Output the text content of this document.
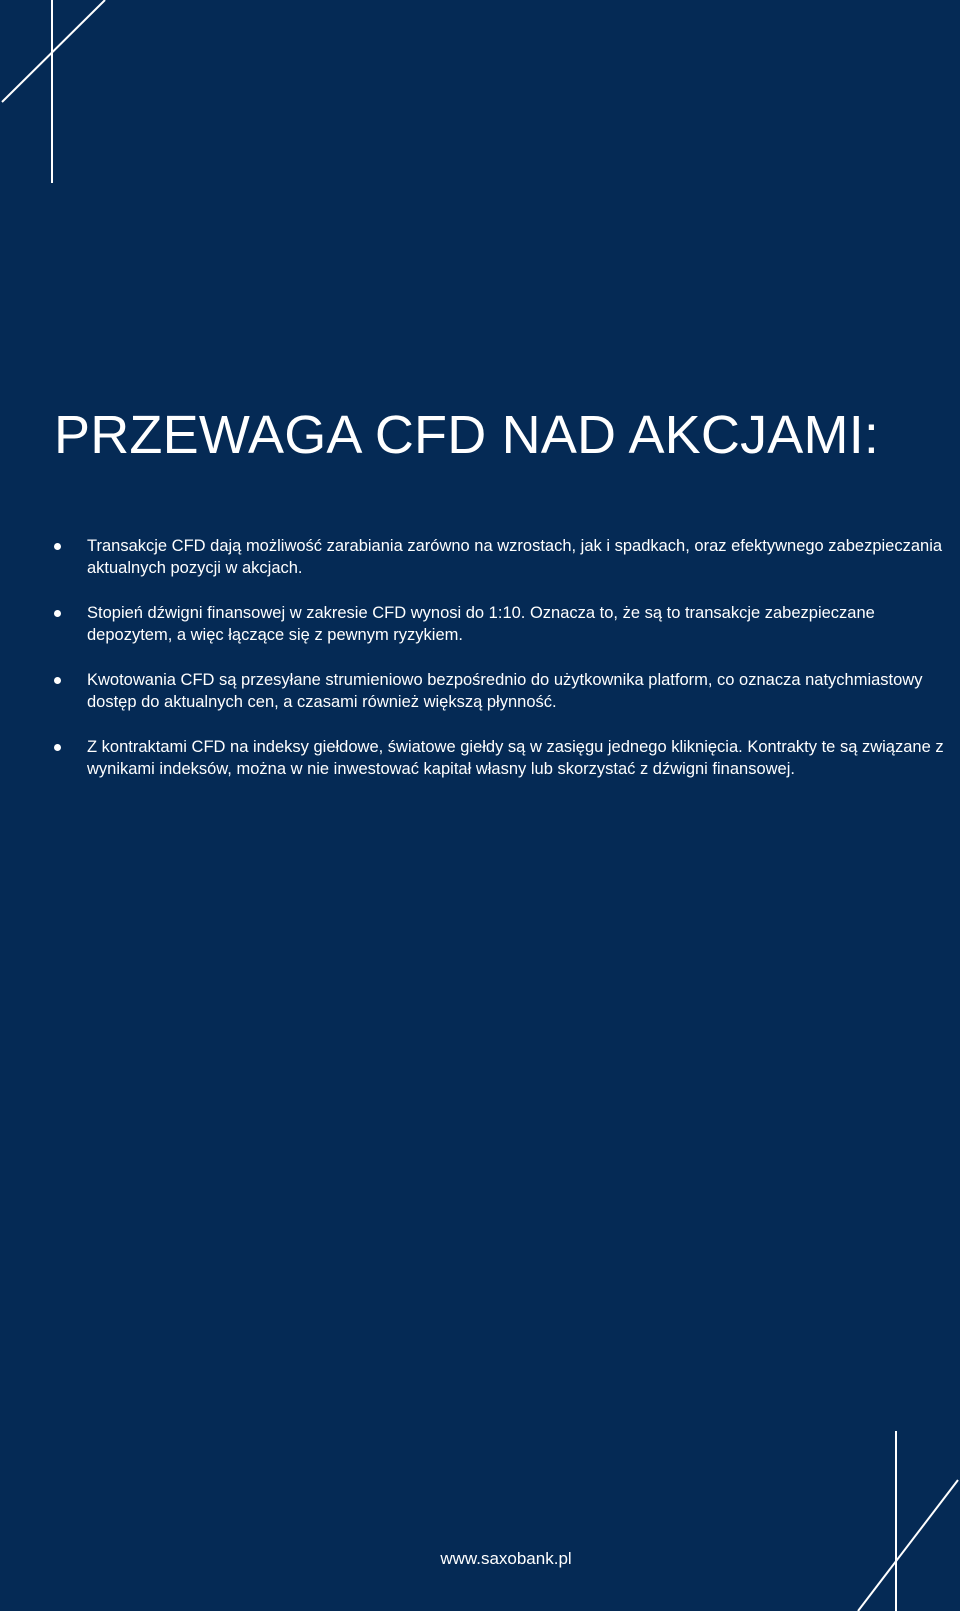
PRZEWAGA CFD NAD AKCJAMI:
Transakcje CFD dają możliwość zarabiania zarówno na wzrostach, jak i spadkach, oraz efektywnego zabezpieczania aktualnych pozycji w akcjach.
Stopień dźwigni finansowej w zakresie CFD wynosi do 1:10. Oznacza to, że są to transakcje zabezpieczane depozytem, a więc łączące się z pewnym ryzykiem.
Kwotowania CFD są przesyłane strumieniowo bezpośrednio do użytkownika platform, co oznacza natychmiastowy dostęp do aktualnych cen, a czasami również większą płynność.
Z kontraktami CFD na indeksy giełdowe, światowe giełdy są w zasięgu jednego kliknięcia. Kontrakty te są związane z wynikami indeksów, można w nie inwestować kapitał własny lub skorzystać z dźwigni finansowej.
www.saxobank.pl
